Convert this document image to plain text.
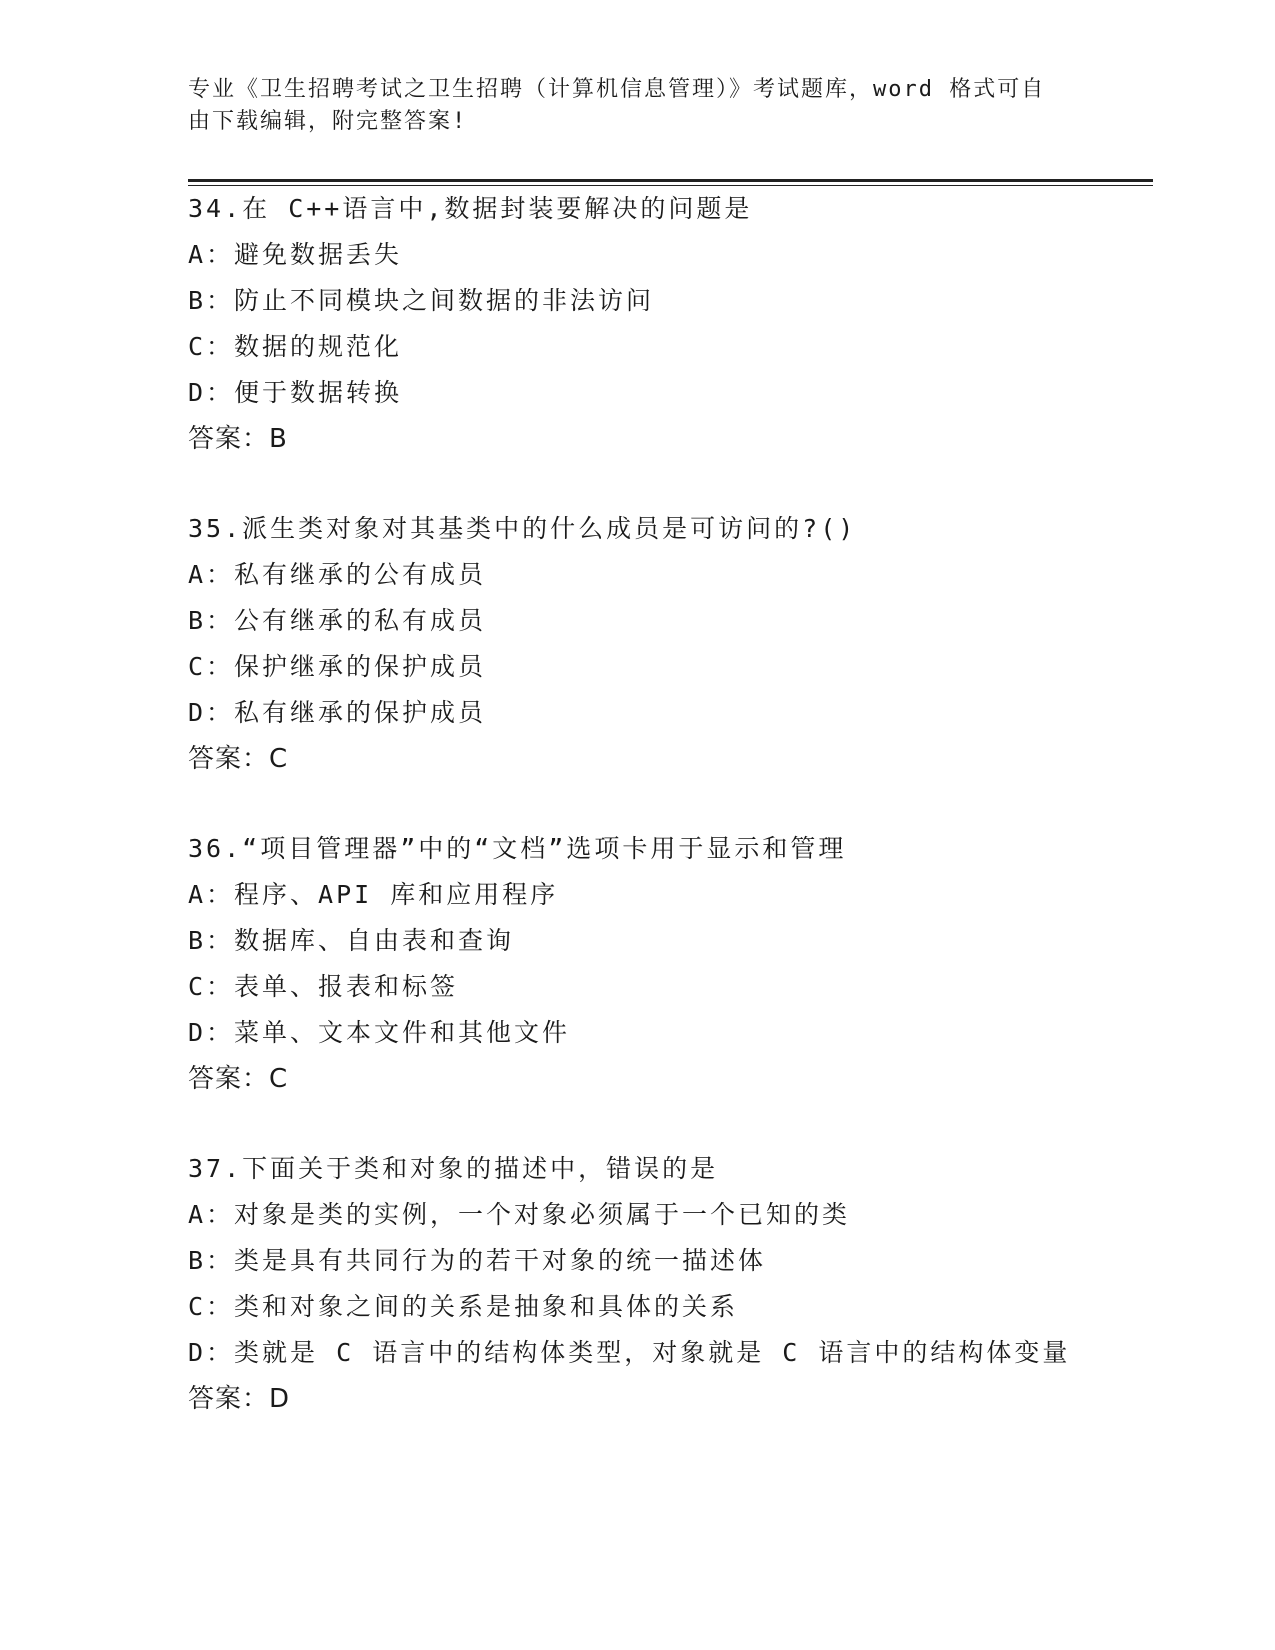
专业《卫生招聘考试之卫生招聘（计算机信息管理）》考试题库，word 格式可自
由下载编辑，附完整答案!
34.在 C++语言中,数据封装要解决的问题是
A：避免数据丢失
B：防止不同模块之间数据的非法访问
C：数据的规范化
D：便于数据转换
答案：B
35.派生类对象对其基类中的什么成员是可访问的?()
A：私有继承的公有成员
B：公有继承的私有成员
C：保护继承的保护成员
D：私有继承的保护成员
答案：C
36.“项目管理器”中的“文档”选项卡用于显示和管理
A：程序、API 库和应用程序
B：数据库、自由表和查询
C：表单、报表和标签
D：菜单、文本文件和其他文件
答案：C
37.下面关于类和对象的描述中，错误的是
A：对象是类的实例，一个对象必须属于一个已知的类
B：类是具有共同行为的若干对象的统一描述体
C：类和对象之间的关系是抽象和具体的关系
D：类就是 C 语言中的结构体类型，对象就是 C 语言中的结构体变量
答案：D
